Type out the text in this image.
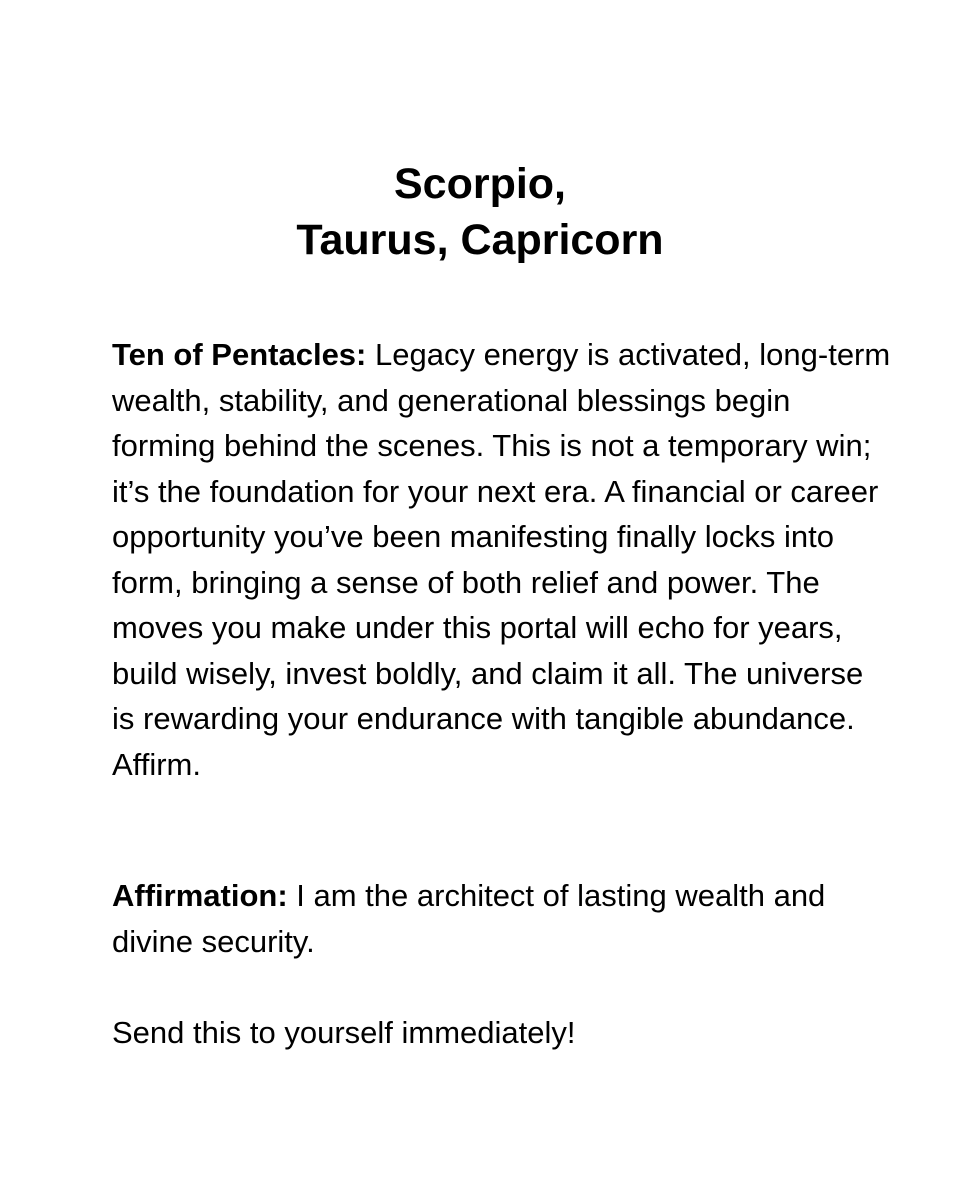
Scorpio,
Taurus, Capricorn

Ten of Pentacles: Legacy energy is activated, long-term wealth, stability, and generational blessings begin forming behind the scenes. This is not a temporary win; it’s the foundation for your next era. A financial or career opportunity you’ve been manifesting finally locks into form, bringing a sense of both relief and power. The moves you make under this portal will echo for years, build wisely, invest boldly, and claim it all. The universe is rewarding your endurance with tangible abundance. Affirm.

Affirmation: I am the architect of lasting wealth and divine security.

Send this to yourself immediately!
